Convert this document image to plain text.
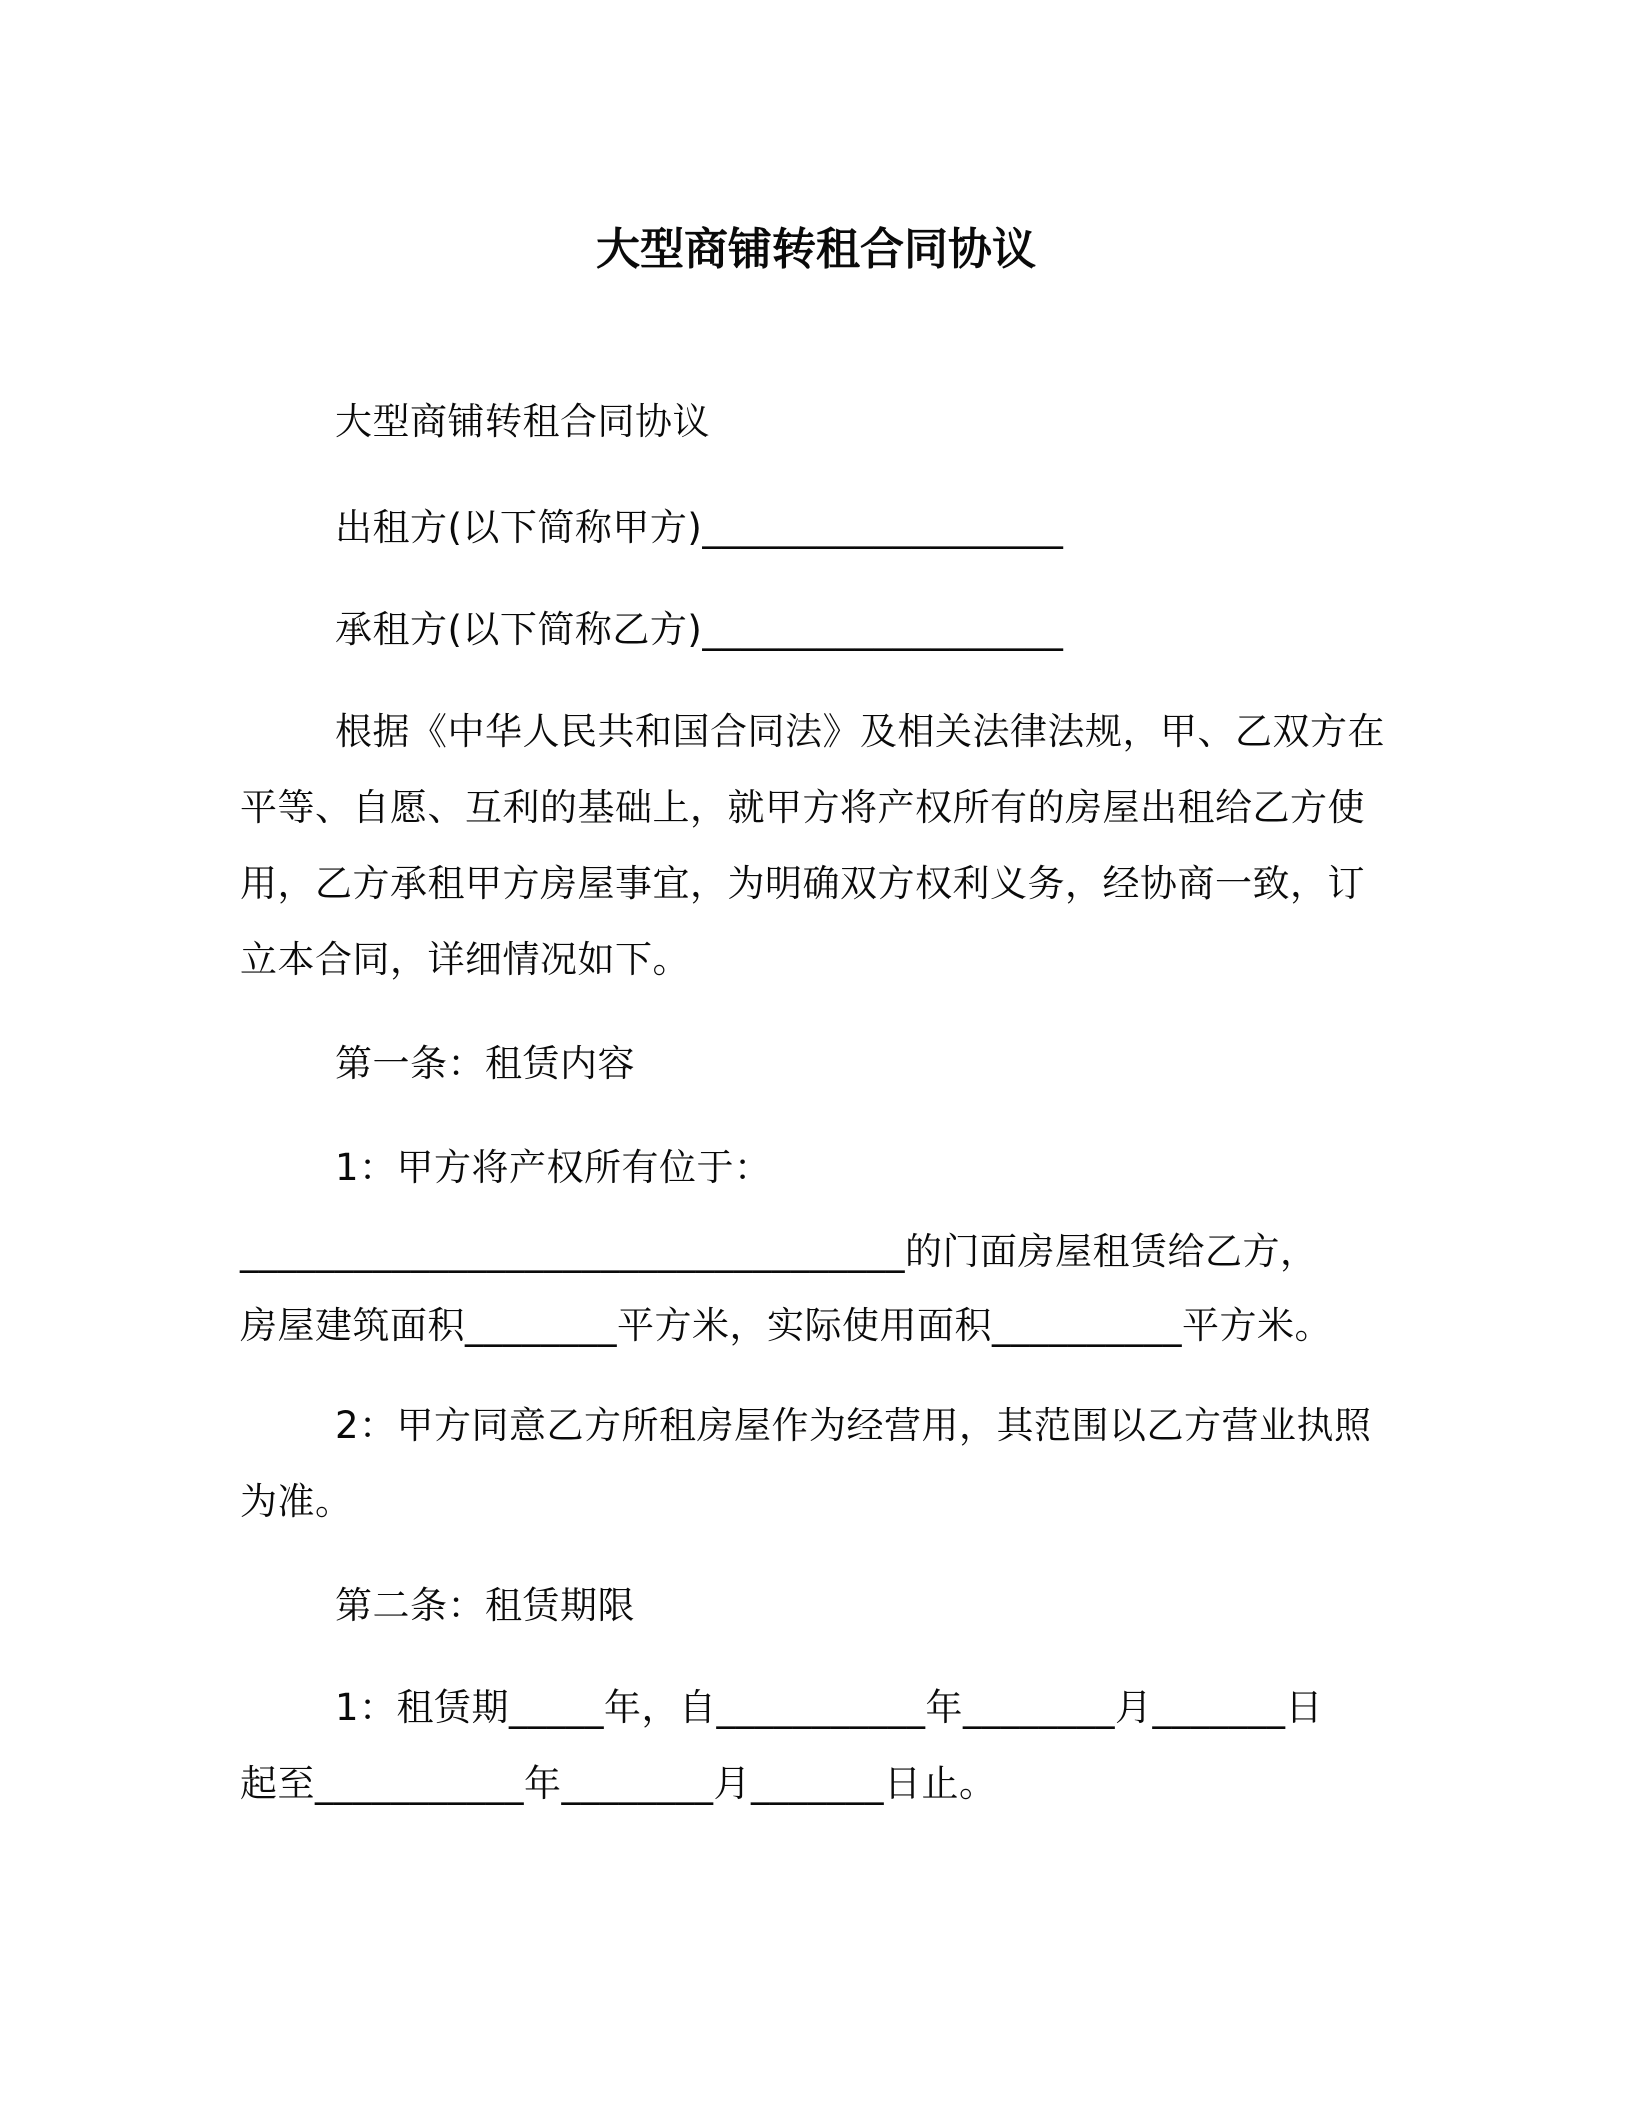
大型商铺转租合同协议
大型商铺转租合同协议
出租方(以下简称甲方)___________________
承租方(以下简称乙方)___________________
根据《中华人民共和国合同法》及相关法律法规，甲、乙双方在
平等、自愿、互利的基础上，就甲方将产权所有的房屋出租给乙方使
用，乙方承租甲方房屋事宜，为明确双方权利义务，经协商一致，订
立本合同，详细情况如下。
第一条：租赁内容
1：甲方将产权所有位于：
___________________________________的门面房屋租赁给乙方，
房屋建筑面积________平方米，实际使用面积__________平方米。
2：甲方同意乙方所租房屋作为经营用，其范围以乙方营业执照
为准。
第二条：租赁期限
1：租赁期_____年，自___________年________月_______日
起至___________年________月_______日止。
